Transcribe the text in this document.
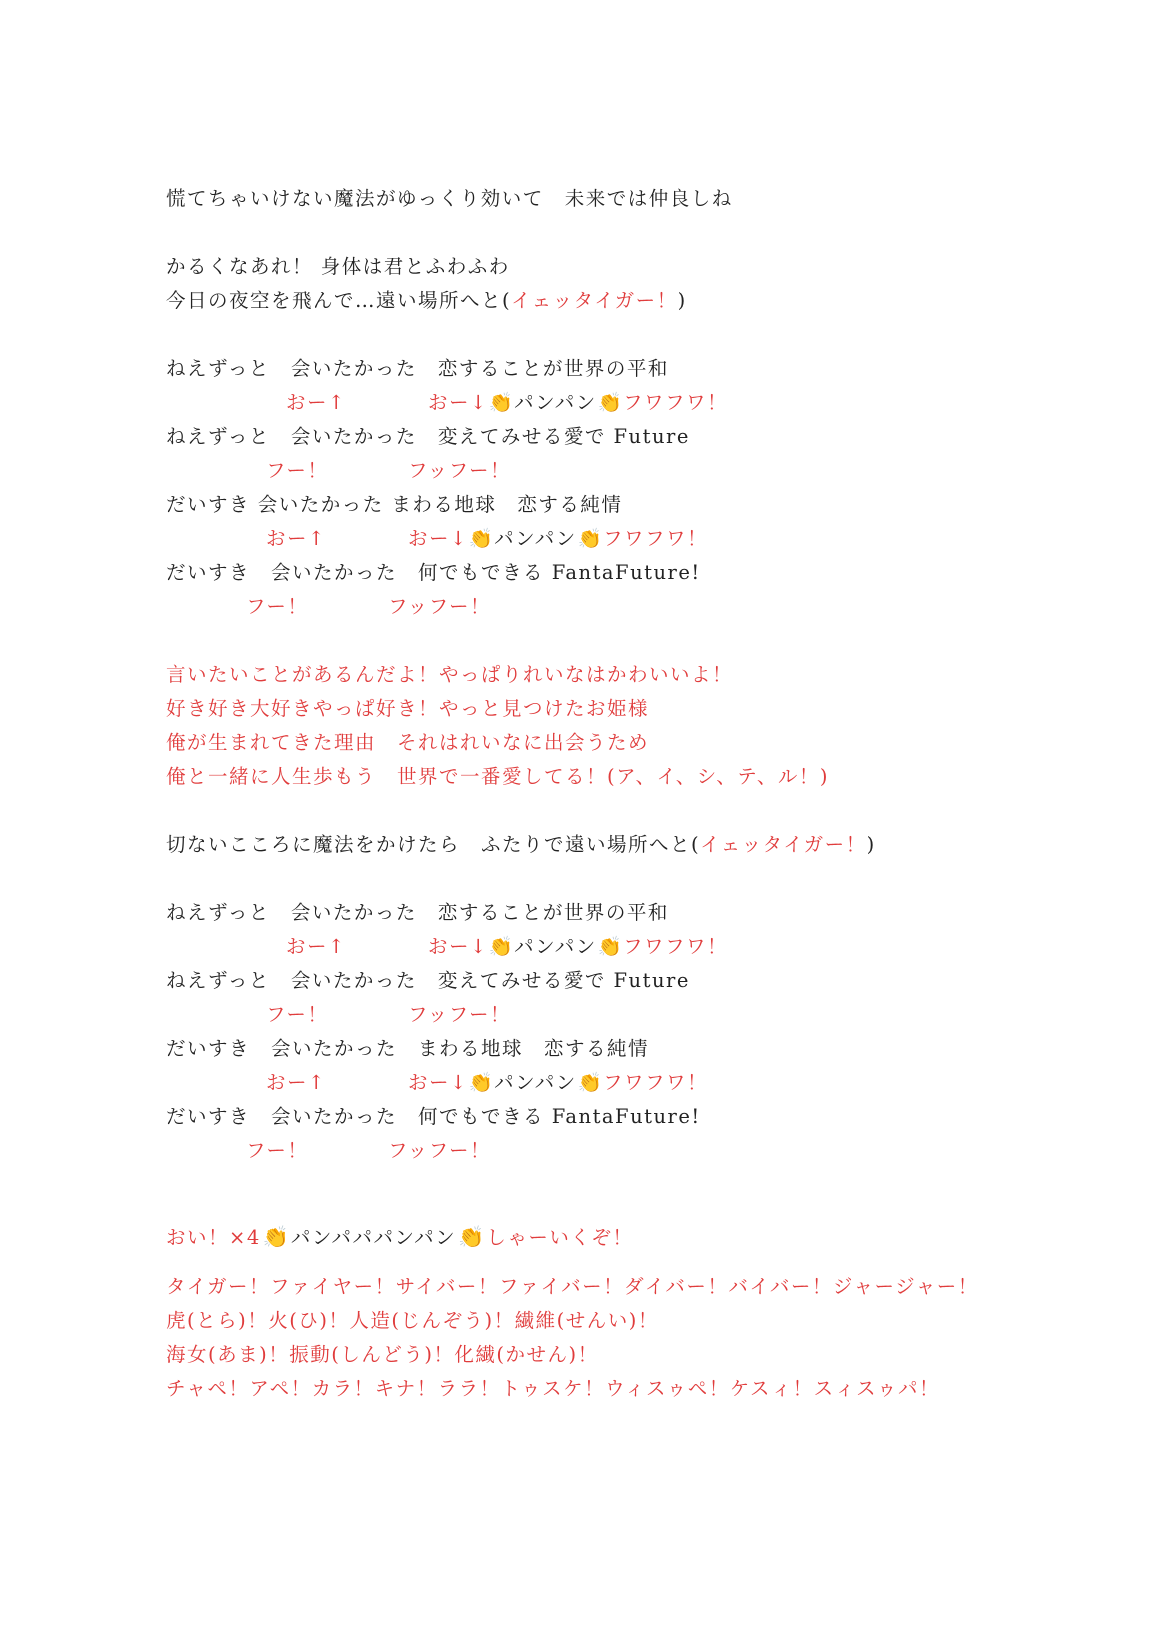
慌てちゃいけない魔法がゆっくり効いて　未来では仲良しね
かるくなあれ！ 身体は君とふわふわ
今日の夜空を飛んで…遠い場所へと(イェッタイガー！)
ねえずっと　会いたかった　恋することが世界の平和
おー↑	おー↓👏パンパン👏フワフワ！
ねえずっと　会いたかった　変えてみせる愛で Future
フー！	フッフー！
だいすき 会いたかった まわる地球　恋する純情
おー↑	おー↓👏パンパン👏フワフワ！
だいすき　会いたかった　何でもできる FantaFuture!
フー！	フッフー！
言いたいことがあるんだよ！やっぱりれいなはかわいいよ！
好き好き大好きやっぱ好き！やっと見つけたお姫様
俺が生まれてきた理由　それはれいなに出会うため
俺と一緒に人生歩もう　世界で一番愛してる！(ア、イ、シ、テ、ル！)
切ないこころに魔法をかけたら　ふたりで遠い場所へと(イェッタイガー！)
ねえずっと　会いたかった　恋することが世界の平和
おー↑	おー↓👏パンパン👏フワフワ！
ねえずっと　会いたかった　変えてみせる愛で Future
フー！	フッフー！
だいすき　会いたかった　まわる地球　恋する純情
おー↑	おー↓👏パンパン👏フワフワ！
だいすき　会いたかった　何でもできる FantaFuture!
フー！	フッフー！
おい！×4👏 パンパパパンパン👏 しゃーいくぞ！
タイガー！ファイヤー！サイバー！ファイバー！ダイバー！バイバー！ジャージャー！
虎(とら)！火(ひ)！人造(じんぞう)！繊維(せんい)！
海女(あま)！振動(しんどう)！化繊(かせん)！
チャペ！アペ！カラ！キナ！ララ！トゥスケ！ウィスゥペ！ケスィ！スィスゥパ！
